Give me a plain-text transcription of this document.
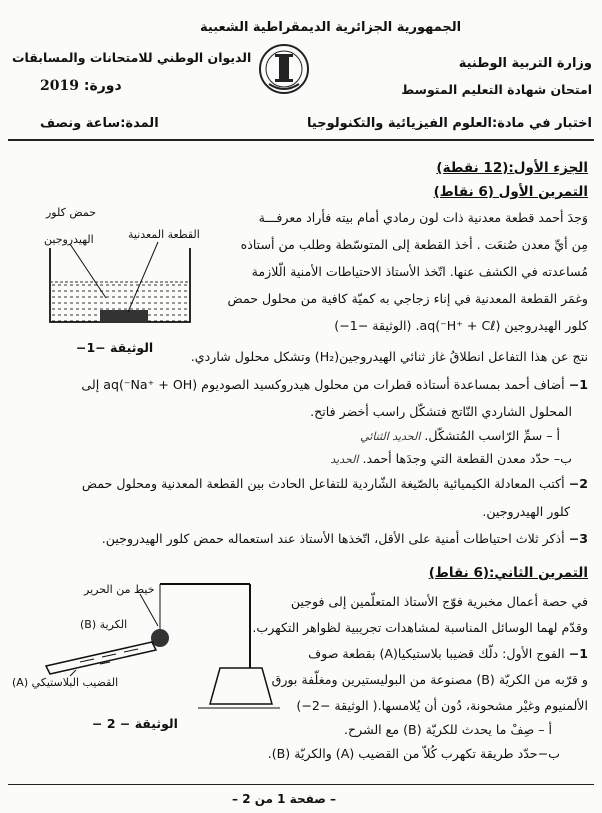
الجمهورية الجزائرية الديمقراطية الشعبية
وزارة التربية الوطنية
الديوان الوطني للامتحانات والمسابقات
امتحان شهادة التعليم المتوسط
دورة: 2019
اختبار في مادة:العلوم الفيزيائية والتكنولوجيا
المدة:ساعة ونصف
الجزء الأول:(12 نقطة)
التمرين الأول (6 نقاط)
وَجدَ أحمد قطعة معدنية ذات لون رمادي أمام بيته فأراد معرفـــة
مِن أيِّ معدن صُنعَت . أخذ القطعة إلى المتوسّطة وطلب من أستاذه
مُساعدته في الكشف عنها. اتّخذ الأستاذ الاحتياطات الأمنية الّلازمة
وغمَر القطعة المعدنية في إناء زجاجي به كميّة كافية من محلول حمض
كلور الهيدروجين (H⁺ + Cℓ⁻)aq. (الوثيقة −1−)
نتج عن هذا التفاعل انطلاقُ غاز ثنائي الهيدروجين(H₂) وتشكل محلول شاردي.
حمض كلور
الهيدروجين	القطعة المعدنية
الوثيقة −1−
1− أضاف أحمد بمساعدة أستاذه قطرات من محلول هيدروكسيد الصوديوم (Na⁺ + OH⁻)aq إلى
المحلول الشاردي النّاتج فتشكّل راسب أخضر فاتح.
أ – سمِّ الرّاسب المُتشكّل. الحديد الثنائي
ب– حدّد معدن القطعة التي وجدَها أحمد. الحديد
2− أكتب المعادلة الكيميائية بالصّيغة الشّاردية للتفاعل الحادث بين القطعة المعدنية ومحلول حمض
كلور الهيدروجين.
3− أذكر ثلاث احتياطات أمنية على الأقل، اتّخذها الأستاذ عند استعماله حمض كلور الهيدروجين.
التمرين الثاني:(6 نقاط)
في حصة أعمال مخبرية فوّج الأستاذ المتعلّمين إلى فوجين
وقدّم لهما الوسائل المناسبة لمشاهدات تجريبية لظواهر التكهرب.
1− الفوج الأول: دلّك قضيبا بلاستيكيا(A) بقطعة صوف
و قرّبه من الكريّة (B) مصنوعة من البوليستيرين ومغلّفة بورق
الألمنيوم وغيْر مشحونة، دُون أن يُلامسها.( الوثيقة −2−)
أ – صِفْ ما يحدث للكريّة (B) مع الشرح.
ب−حدّد طريقة تكهرب كُلاّ من القضيب (A) والكريّة (B).
خيط من الحرير
الكرية (B)
القضيب البلاستيكي (A)
الوثيقة − 2 −
– صفحة 1 من 2 –
